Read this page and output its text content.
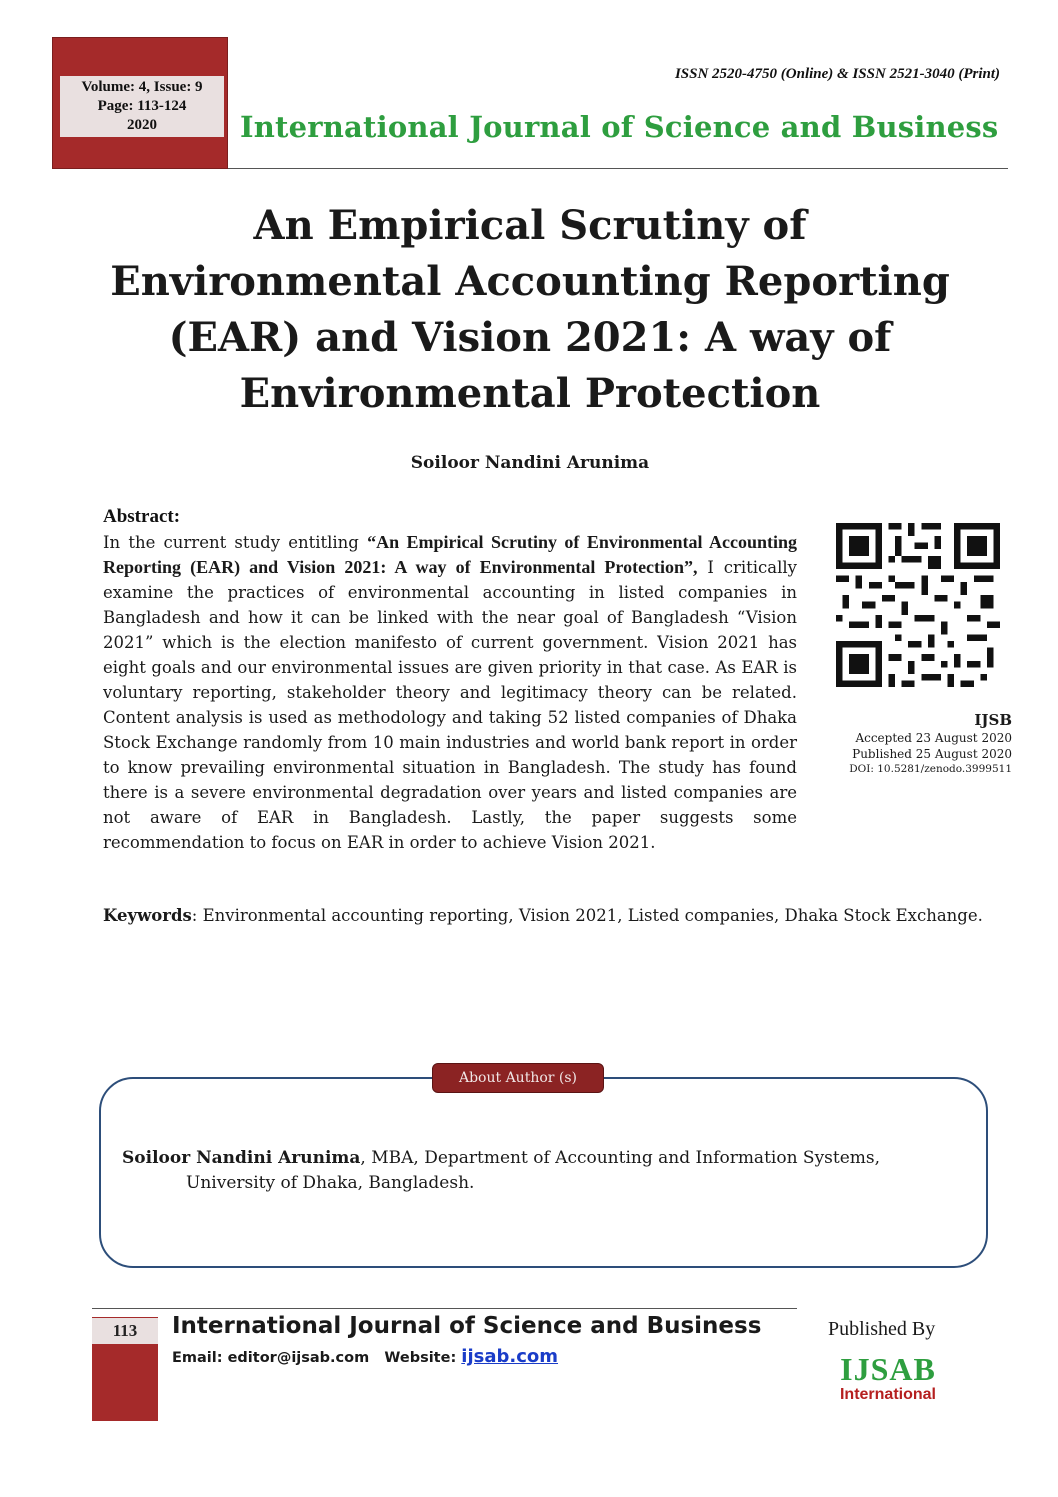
Volume: 4, Issue: 9
Page: 113-124
2020
ISSN 2520-4750 (Online) & ISSN 2521-3040 (Print)
International Journal of Science and Business
An Empirical Scrutiny of
Environmental Accounting Reporting
(EAR) and Vision 2021: A way of
Environmental Protection
Soiloor Nandini Arunima
Abstract:
In the current study entitling “An Empirical Scrutiny of Environmental Accounting Reporting (EAR) and Vision 2021: A way of Environmental Protection”, I critically examine the practices of environmental accounting in listed companies in Bangladesh and how it can be linked with the near goal of Bangladesh “Vision 2021” which is the election manifesto of current government. Vision 2021 has eight goals and our environmental issues are given priority in that case. As EAR is voluntary reporting, stakeholder theory and legitimacy theory can be related. Content analysis is used as methodology and taking 52 listed companies of Dhaka Stock Exchange randomly from 10 main industries and world bank report in order to know prevailing environmental situation in Bangladesh. The study has found there is a severe environmental degradation over years and listed companies are not aware of EAR in Bangladesh. Lastly, the paper suggests some recommendation to focus on EAR in order to achieve Vision 2021.
IJSB
Accepted 23 August 2020
Published 25 August 2020
DOI: 10.5281/zenodo.3999511
Keywords: Environmental accounting reporting, Vision 2021, Listed companies, Dhaka Stock Exchange.
About Author (s)
Soiloor Nandini Arunima, MBA, Department of Accounting and Information Systems,
University of Dhaka, Bangladesh.
113	International Journal of Science and Business
Email: editor@ijsab.com Website: ijsab.com
Published By
IJSAB
International
